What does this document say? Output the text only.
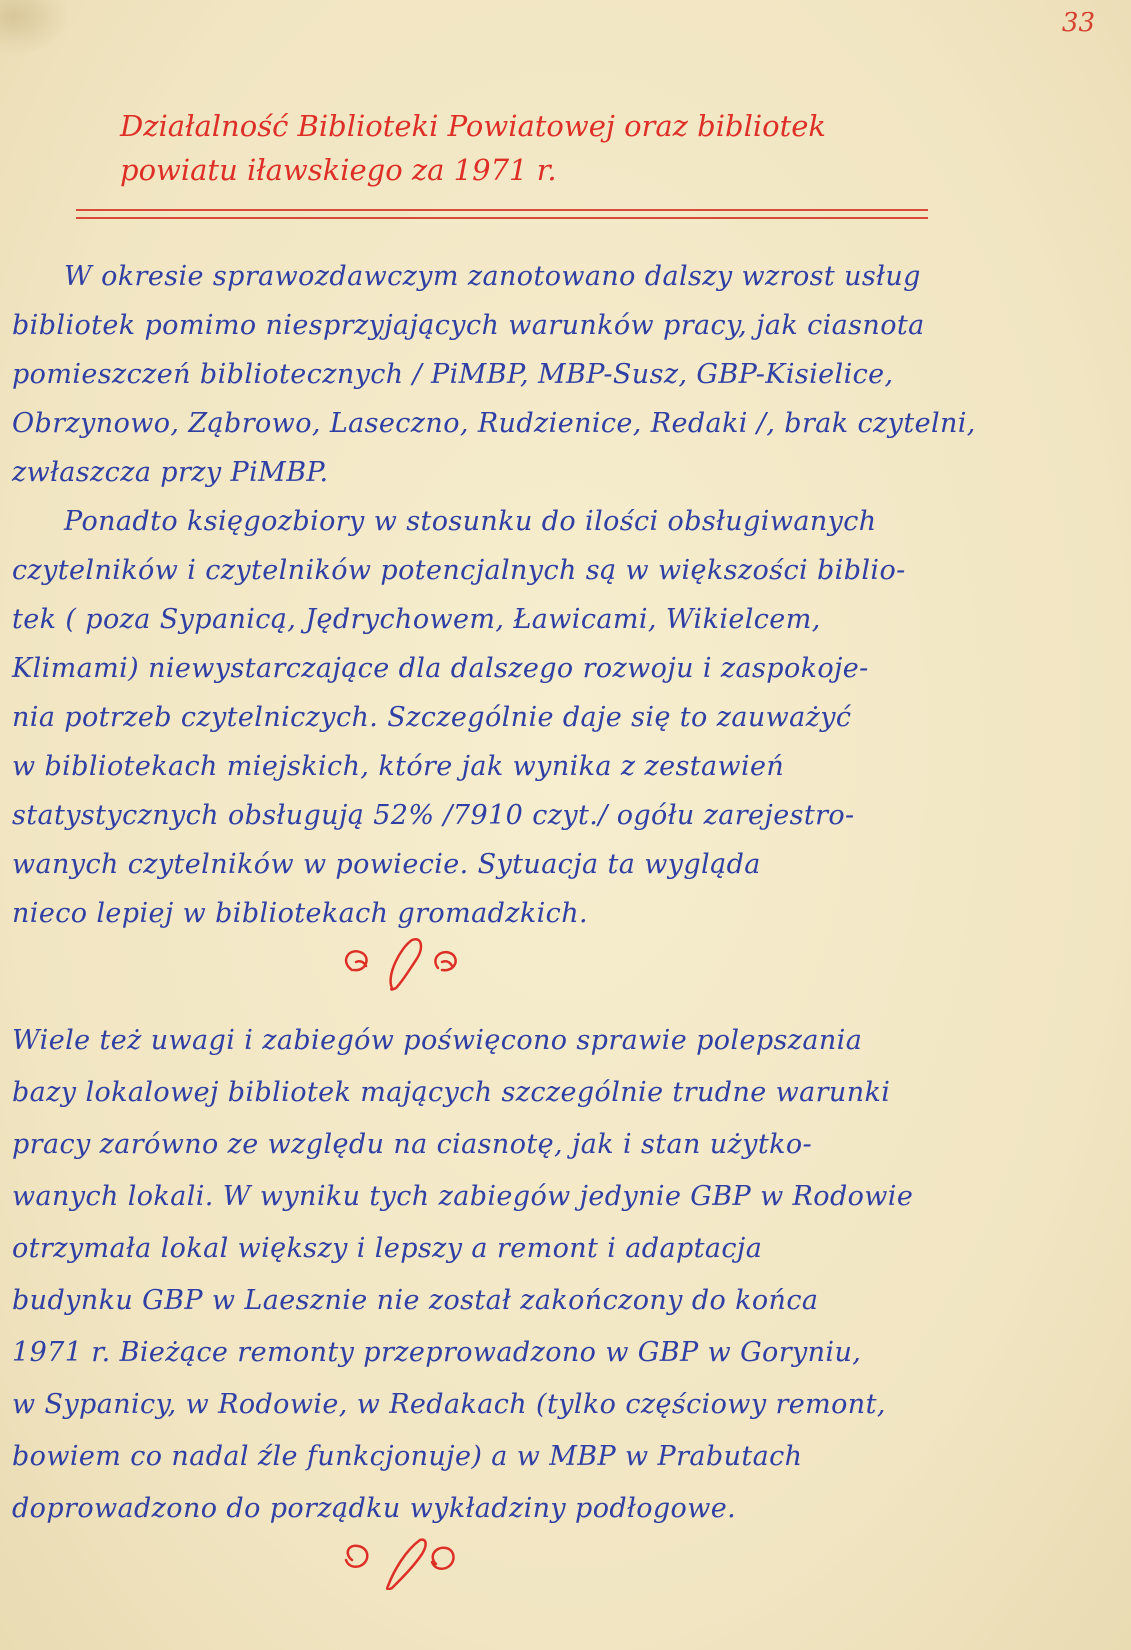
33
Działalność Biblioteki Powiatowej oraz bibliotek
powiatu iławskiego za 1971 r.
W okresie sprawozdawczym zanotowano dalszy wzrost usług
bibliotek pomimo niesprzyjających warunków pracy, jak ciasnota
pomieszczeń bibliotecznych / PiMBP, MBP-Susz, GBP-Kisielice,
Obrzynowo, Ząbrowo, Laseczno, Rudzienice, Redaki /, brak czytelni,
zwłaszcza przy PiMBP.
Ponadto księgozbiory w stosunku do ilości obsługiwanych
czytelników i czytelników potencjalnych są w większości biblio-
tek ( poza Sypanicą, Jędrychowem, Ławicami, Wikielcem,
Klimami) niewystarczające dla dalszego rozwoju i zaspokoje-
nia potrzeb czytelniczych. Szczególnie daje się to zauważyć
w bibliotekach miejskich, które jak wynika z zestawień
statystycznych obsługują 52% /7910 czyt./ ogółu zarejestro-
wanych czytelników w powiecie. Sytuacja ta wygląda
nieco lepiej w bibliotekach gromadzkich.
Wiele też uwagi i zabiegów poświęcono sprawie polepszania
bazy lokalowej bibliotek mających szczególnie trudne warunki
pracy zarówno ze względu na ciasnotę, jak i stan użytko-
wanych lokali. W wyniku tych zabiegów jedynie GBP w Rodowie
otrzymała lokal większy i lepszy a remont i adaptacja
budynku GBP w Laesznie nie został zakończony do końca
1971 r. Bieżące remonty przeprowadzono w GBP w Goryniu,
w Sypanicy, w Rodowie, w Redakach (tylko częściowy remont,
bowiem co nadal źle funkcjonuje) a w MBP w Prabutach
doprowadzono do porządku wykładziny podłogowe.
